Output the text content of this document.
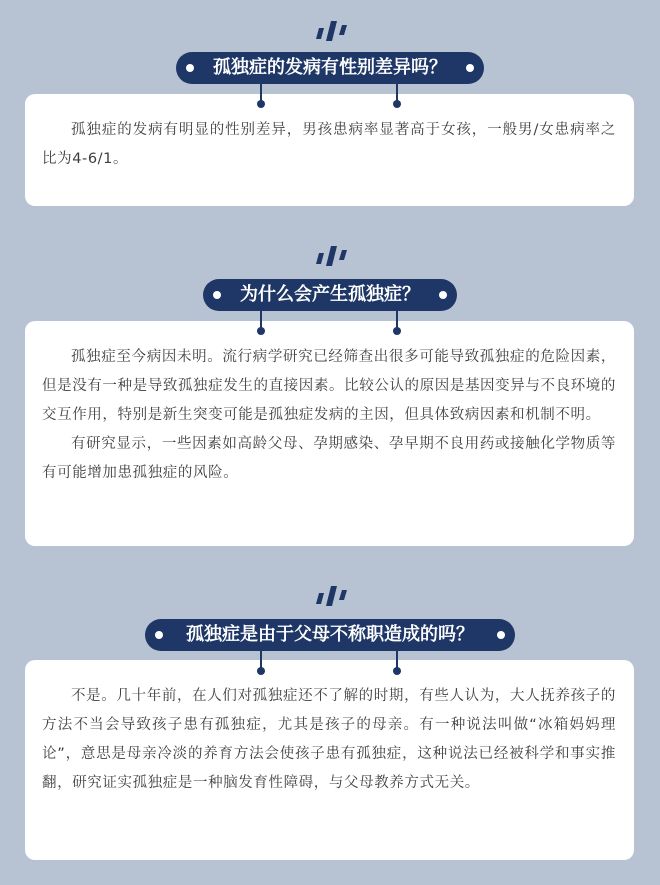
孤独症的发病有性别差异吗？

孤独症的发病有明显的性别差异，男孩患病率显著高于女孩，一般男/女患病率之比为4-6/1。

为什么会产生孤独症？

孤独症至今病因未明。流行病学研究已经筛查出很多可能导致孤独症的危险因素，但是没有一种是导致孤独症发生的直接因素。比较公认的原因是基因变异与不良环境的交互作用，特别是新生突变可能是孤独症发病的主因，但具体致病因素和机制不明。

有研究显示，一些因素如高龄父母、孕期感染、孕早期不良用药或接触化学物质等有可能增加患孤独症的风险。

孤独症是由于父母不称职造成的吗？

不是。几十年前，在人们对孤独症还不了解的时期，有些人认为，大人抚养孩子的方法不当会导致孩子患有孤独症，尤其是孩子的母亲。有一种说法叫做“冰箱妈妈理论”，意思是母亲冷淡的养育方法会使孩子患有孤独症，这种说法已经被科学和事实推翻，研究证实孤独症是一种脑发育性障碍，与父母教养方式无关。
